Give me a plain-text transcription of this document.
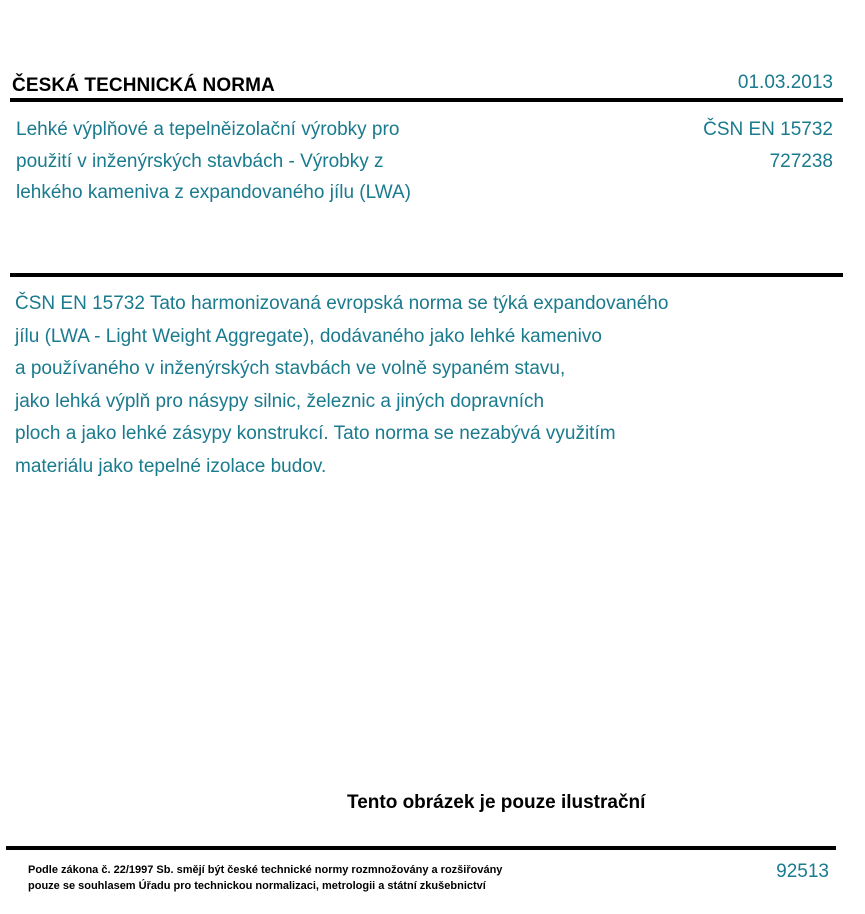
ČESKÁ TECHNICKÁ NORMA	01.03.2013
Lehké výplňové a tepelněizolační výrobky pro
použití v inženýrských stavbách - Výrobky z
lehkého kameniva z expandovaného jílu (LWA)
ČSN EN 15732
727238
ČSN EN 15732 Tato harmonizovaná evropská norma se týká expandovaného
jílu (LWA - Light Weight Aggregate), dodávaného jako lehké kamenivo
a používaného v inženýrských stavbách ve volně sypaném stavu,
jako lehká výplň pro násypy silnic, železnic a jiných dopravních
ploch a jako lehké zásypy konstrukcí. Tato norma se nezabývá využitím
materiálu jako tepelné izolace budov.
Tento obrázek je pouze ilustrační
Podle zákona č. 22/1997 Sb. smějí být české technické normy rozmnožovány a rozšiřovány
pouze se souhlasem Úřadu pro technickou normalizaci, metrologii a státní zkušebnictví
92513
